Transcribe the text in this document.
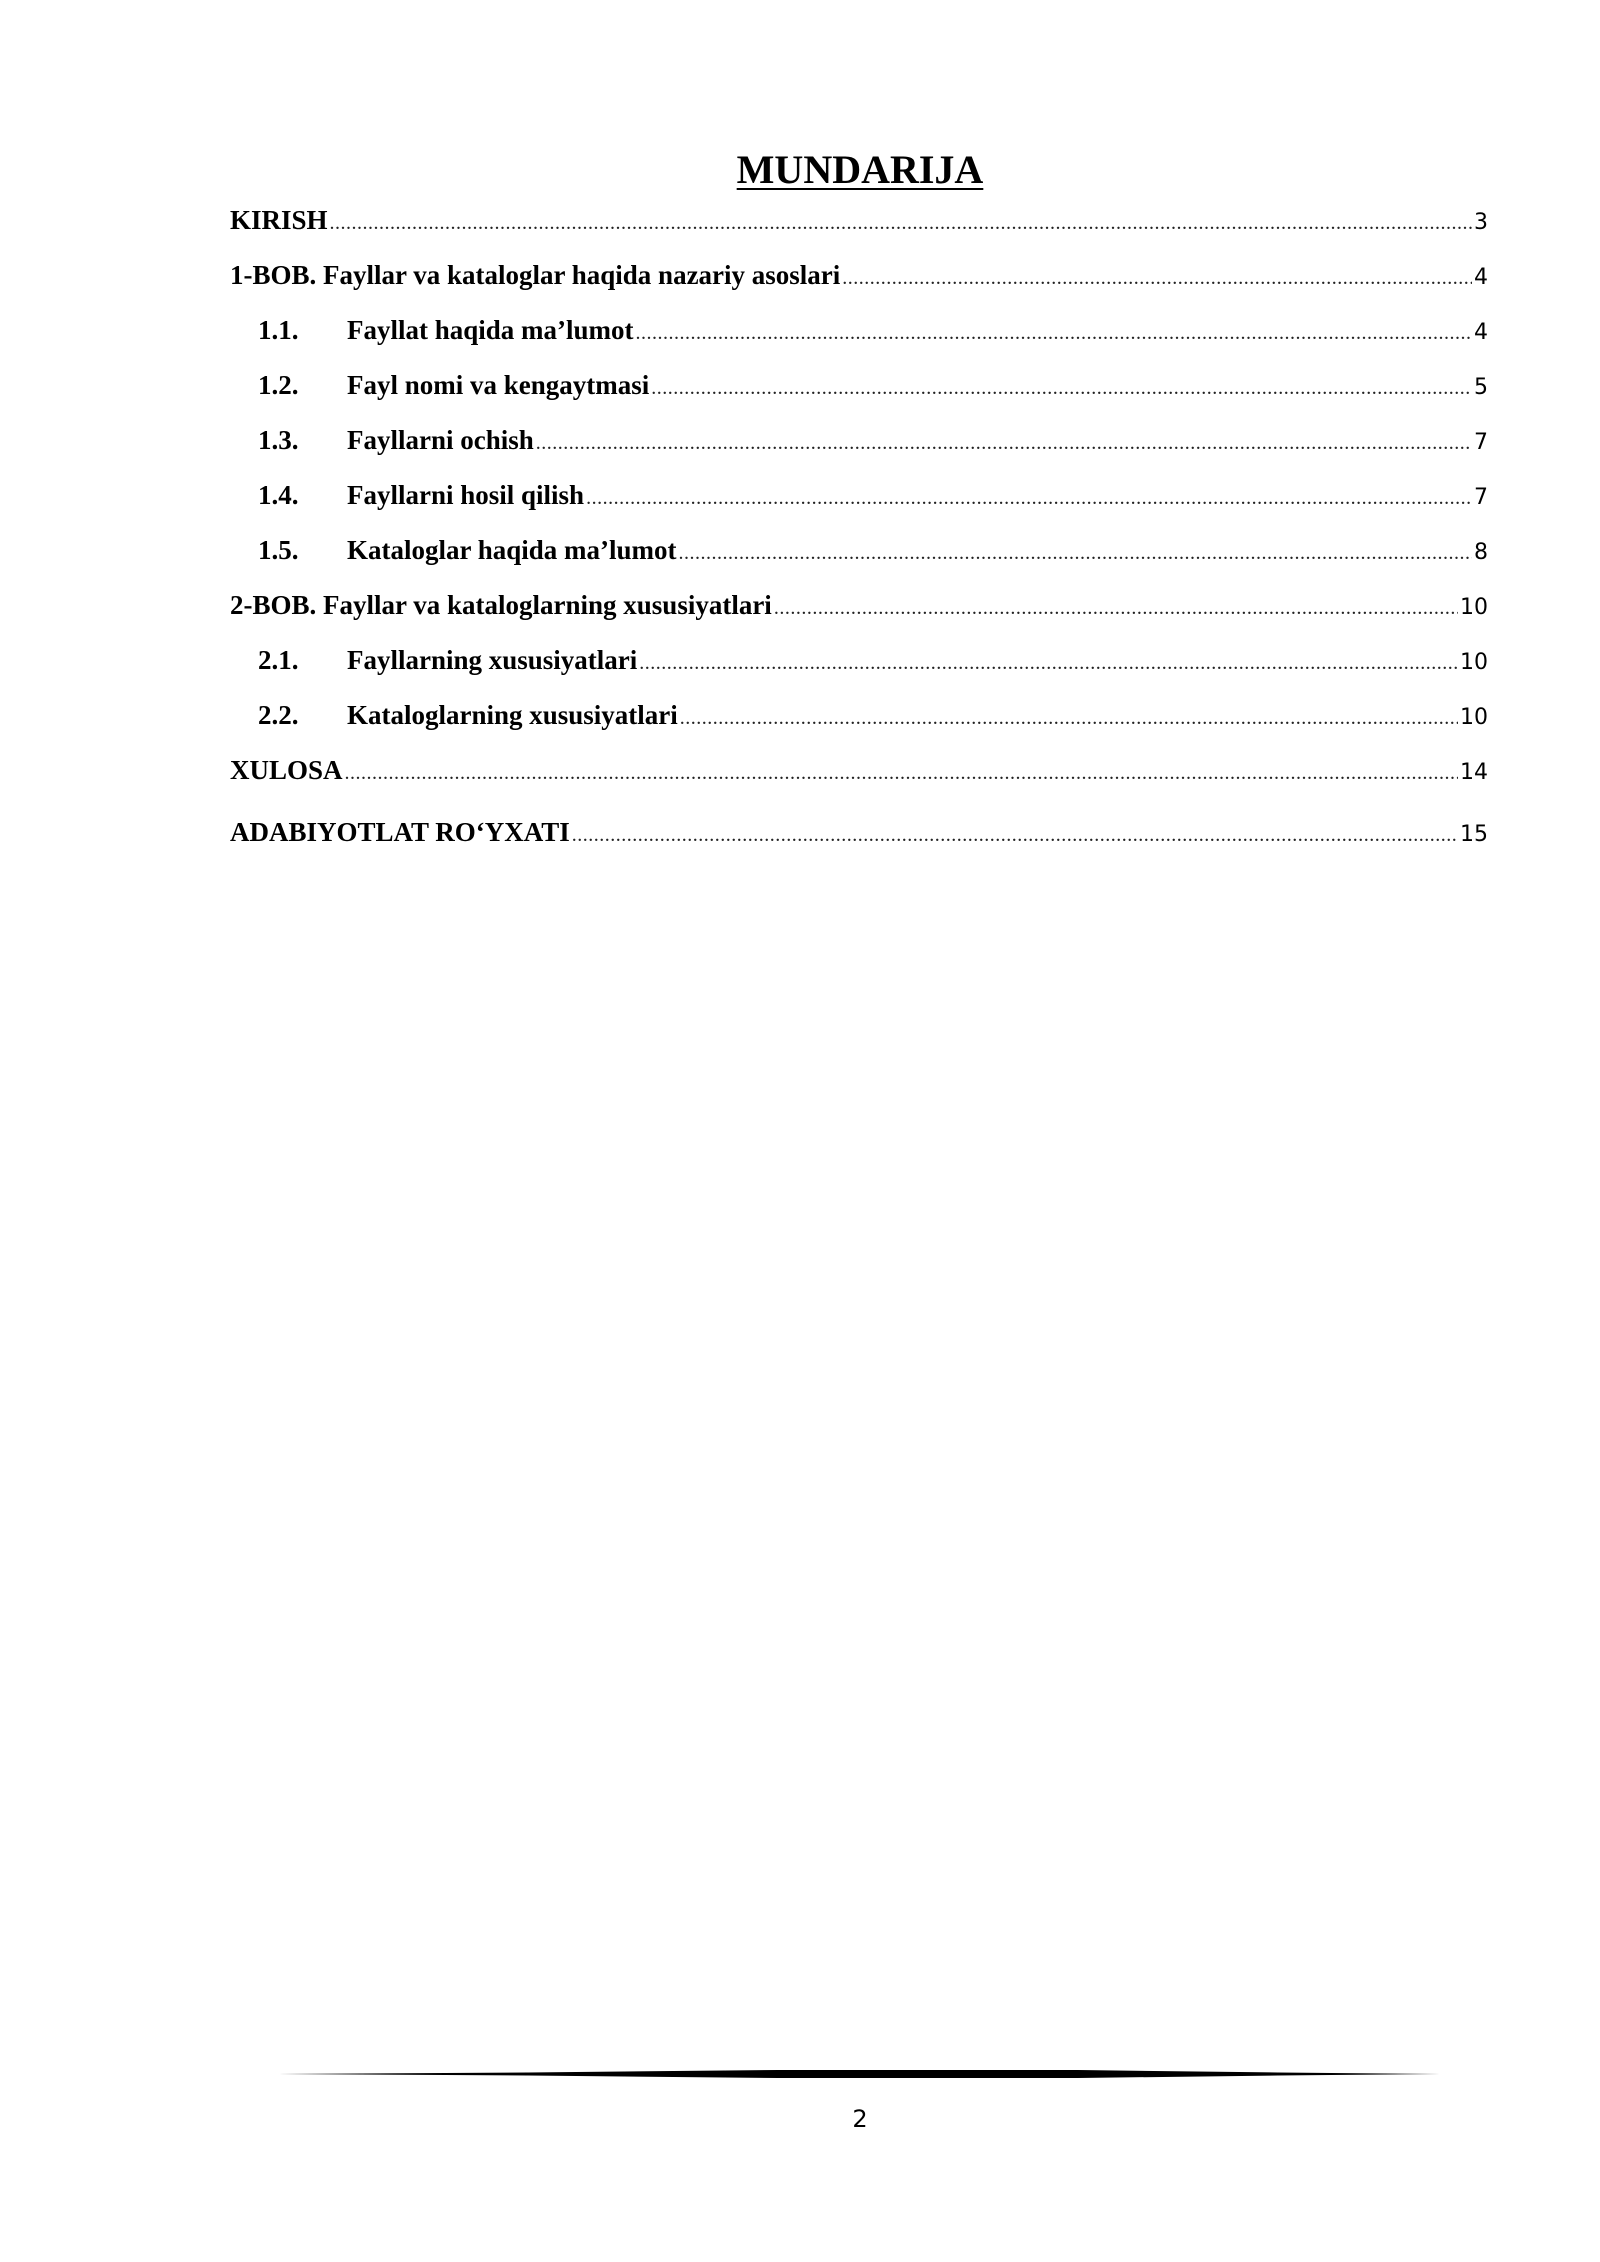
MUNDARIJA
KIRISH .....	3
1-BOB. Fayllar va kataloglar haqida nazariy asoslari .....	4
1.1.	Fayllat haqida ma’lumot .....	4
1.2.	Fayl nomi va kengaytmasi .....	5
1.3.	Fayllarni ochish .....	7
1.4.	Fayllarni hosil qilish .....	7
1.5.	Kataloglar haqida ma’lumot .....	8
2-BOB. Fayllar va kataloglarning xususiyatlari .....	10
2.1.	Fayllarning xususiyatlari .....	10
2.2.	Kataloglarning xususiyatlari .....	10
XULOSA .....	14
ADABIYOTLAT ROʻYXATI .....	15
2
